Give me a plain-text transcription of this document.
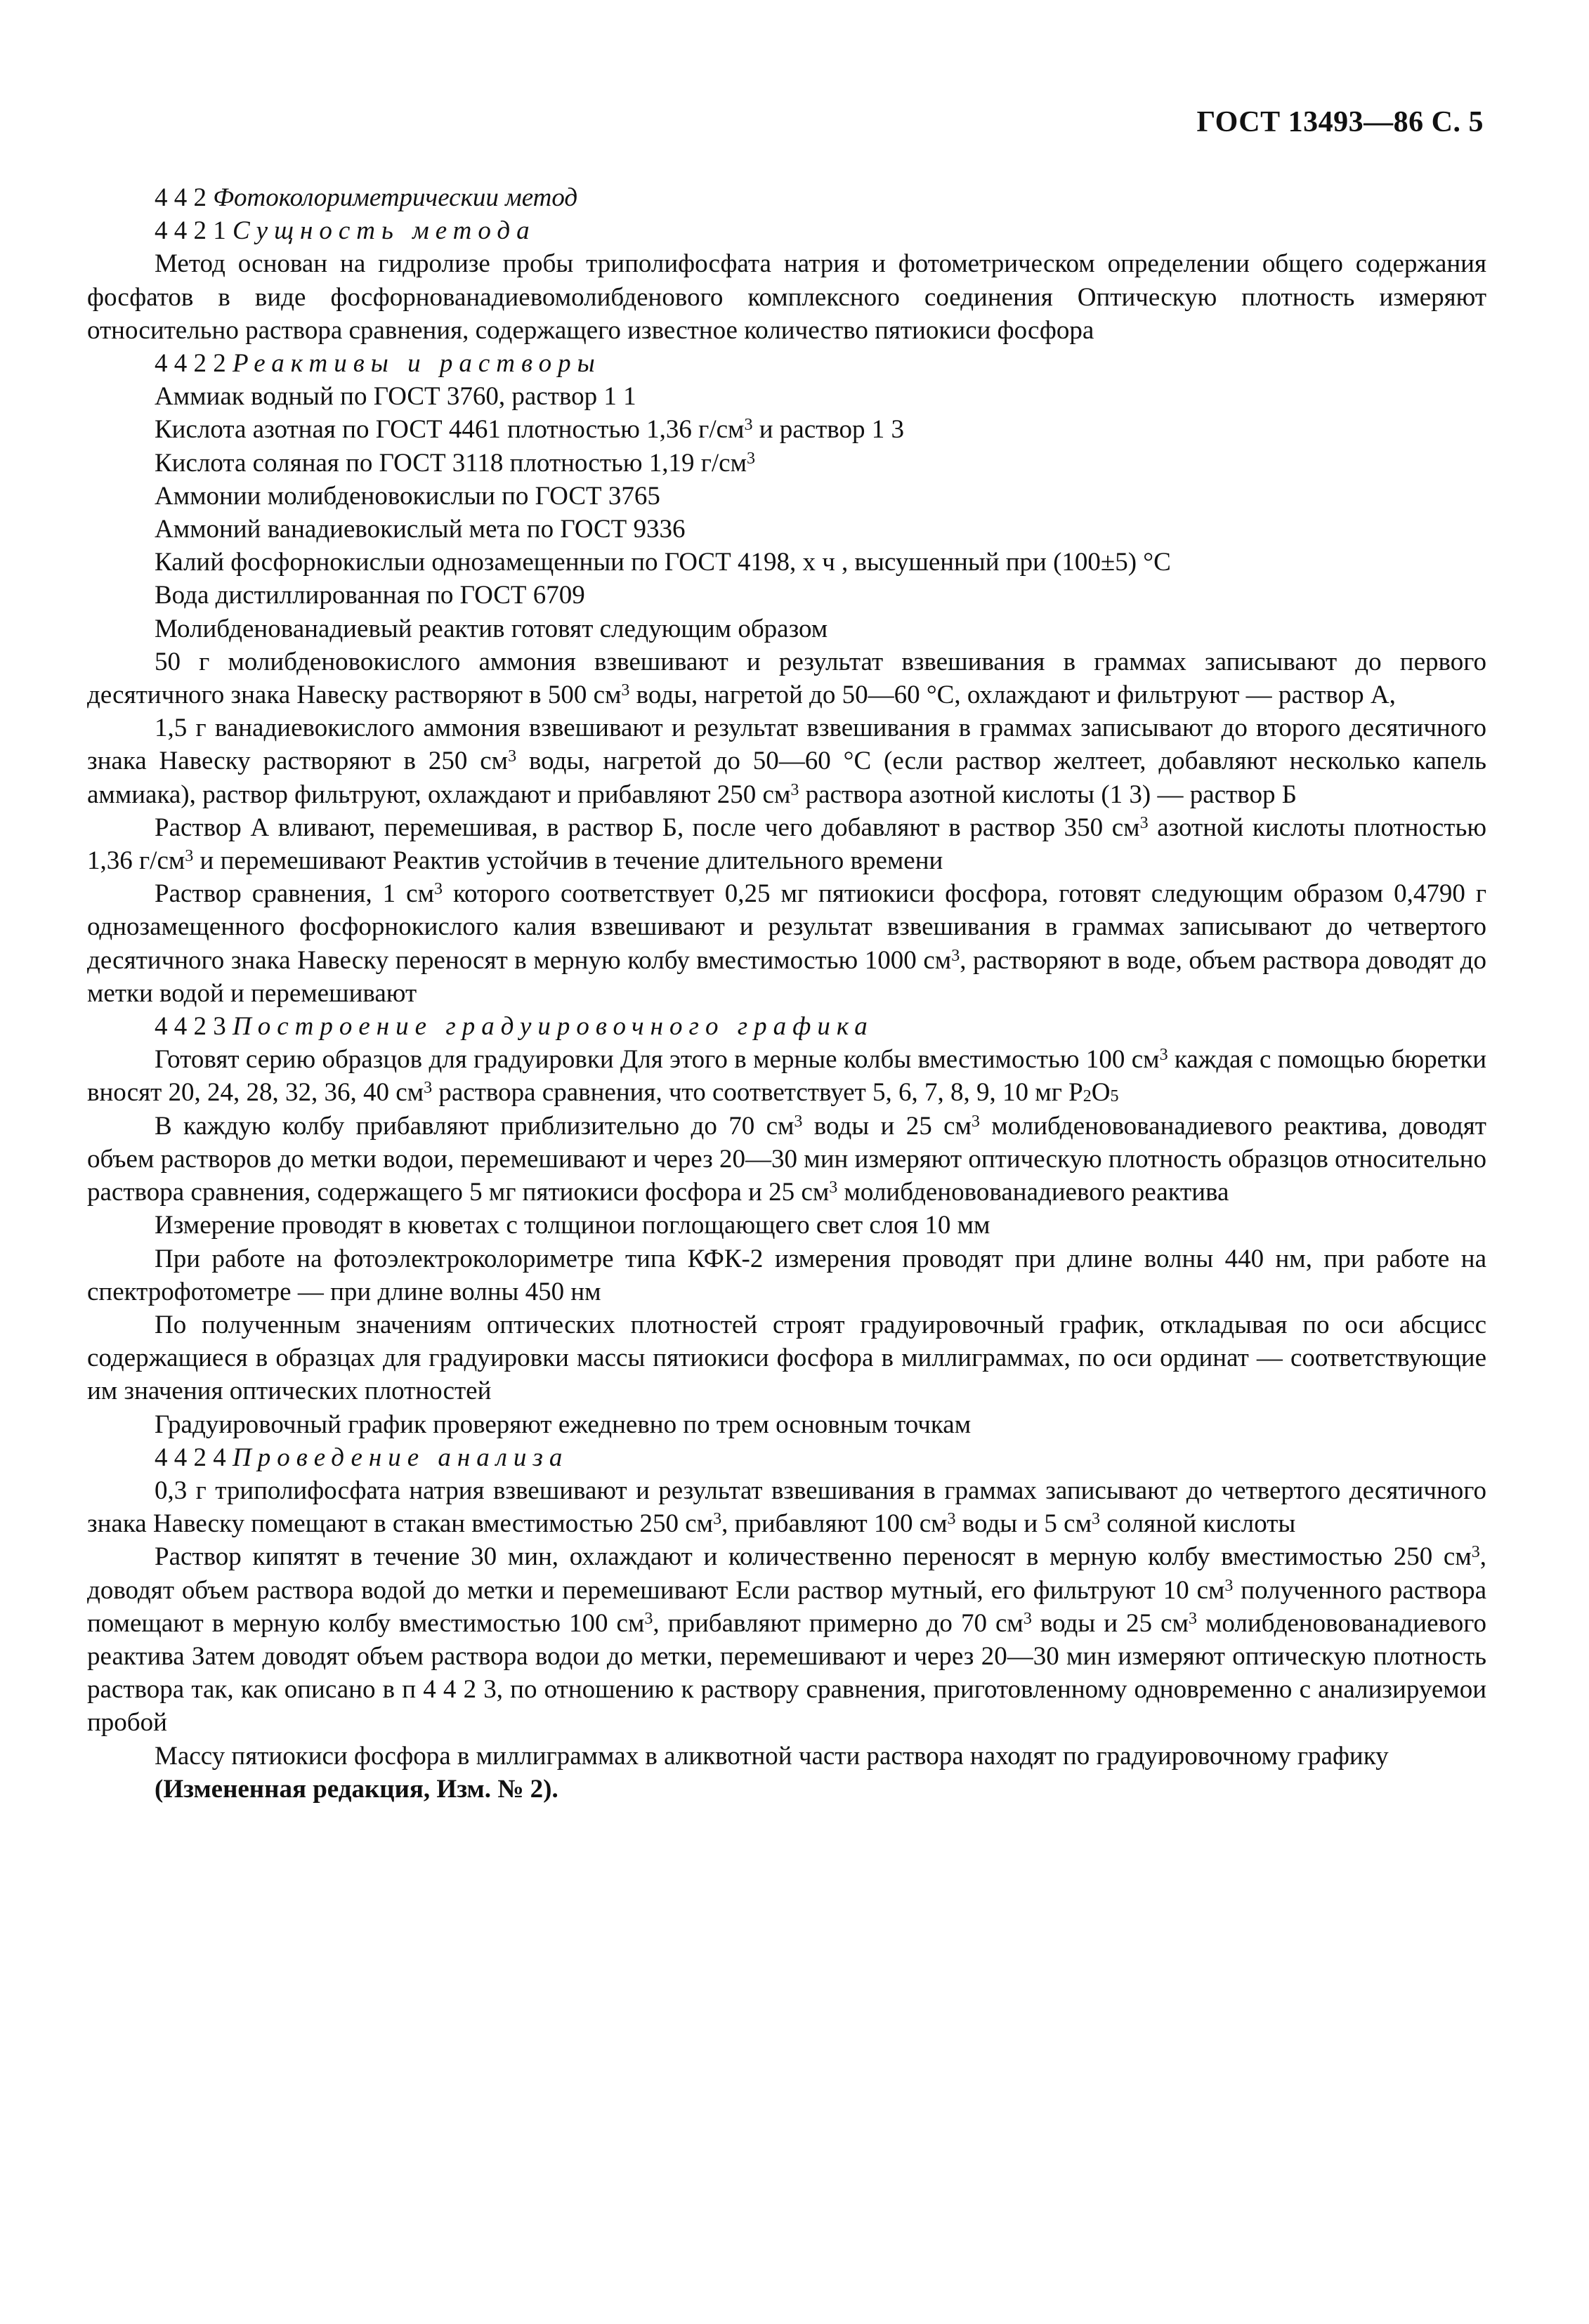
ГОСТ 13493—86 С. 5

4 4 2 Фотоколориметрическии метод

4 4 2 1 Сущность метода

Метод основан на гидролизе пробы триполифосфата натрия и фотометрическом определении общего содержания фосфатов в виде фосфорнованадиевомолибденового комплексного соединения Оптическую плотность измеряют относительно раствора сравнения, содержащего известное количество пятиокиси фосфора

4 4 2 2 Реактивы и растворы

Аммиак водный по ГОСТ 3760, раствор 1 1

Кислота азотная по ГОСТ 4461 плотностью 1,36 $г/см^3$ и раствор 1 3

Кислота соляная по ГОСТ 3118 плотностью 1,19 $г/см^3$

Аммонии молибденовокислыи по ГОСТ 3765

Аммоний ванадиевокислый мета по ГОСТ 9336

Калий фосфорнокислыи однозамещенныи по ГОСТ 4198, х ч , высушенный при (100±5) °С

Вода дистиллированная по ГОСТ 6709

Молибденованадиевый реактив готовят следующим образом

50 г молибденовокислого аммония взвешивают и результат взвешивания в граммах записывают до первого десятичного знака Навеску растворяют в 500 $см^3$ воды, нагретой до 50—60 °С, охлаждают и фильтруют — раствор А,

1,5 г ванадиевокислого аммония взвешивают и результат взвешивания в граммах записывают до второго десятичного знака Навеску растворяют в 250 $см^3$ воды, нагретой до 50—60 °С (если раствор желтеет, добавляют несколько капель аммиака), раствор фильтруют, охлаждают и прибавляют 250 $см^3$ раствора азотной кислоты (1 3) — раствор Б

Раствор А вливают, перемешивая, в раствор Б, после чего добавляют в раствор 350 $см^3$ азотной кислоты плотностью 1,36 $г/см^3$ и перемешивают Реактив устойчив в течение длительного времени

Раствор сравнения, 1 $см^3$ которого соответствует 0,25 мг пятиокиси фосфора, готовят следующим образом 0,4790 г однозамещенного фосфорнокислого калия взвешивают и результат взвешивания в граммах записывают до четвертого десятичного знака Навеску переносят в мерную колбу вместимостью 1000 $см^3$, растворяют в воде, объем раствора доводят до метки водой и перемешивают

4 4 2 3 Построение градуировочного графика

Готовят серию образцов для градуировки Для этого в мерные колбы вместимостью 100 $см^3$ каждая с помощью бюретки вносят 20, 24, 28, 32, 36, 40 $см^3$ раствора сравнения, что соответствует 5, 6, 7, 8, 9, 10 мг P2O5

В каждую колбу прибавляют приблизительно до 70 $см^3$ воды и 25 $см^3$ молибденовованадиевого реактива, доводят объем растворов до метки водои, перемешивают и через 20—30 мин измеряют оптическую плотность образцов относительно раствора сравнения, содержащего 5 мг пятиокиси фосфора и 25 $см^3$ молибденовованадиевого реактива

Измерение проводят в кюветах с толщинои поглощающего свет слоя 10 мм

При работе на фотоэлектроколориметре типа КФК-2 измерения проводят при длине волны 440 нм, при работе на спектрофотометре — при длине волны 450 нм

По полученным значениям оптических плотностей строят градуировочный график, откладывая по оси абсцисс содержащиеся в образцах для градуировки массы пятиокиси фосфора в миллиграммах, по оси ординат — соответствующие им значения оптических плотностей

Градуировочный график проверяют ежедневно по трем основным точкам

4 4 2 4 Проведение анализа

0,3 г триполифосфата натрия взвешивают и результат взвешивания в граммах записывают до четвертого десятичного знака Навеску помещают в стакан вместимостью 250 $см^3$, прибавляют 100 $см^3$ воды и 5 $см^3$ соляной кислоты

Раствор кипятят в течение 30 мин, охлаждают и количественно переносят в мерную колбу вместимостью 250 $см^3$, доводят объем раствора водой до метки и перемешивают Если раствор мутный, его фильтруют 10 $см^3$ полученного раствора помещают в мерную колбу вместимостью 100 $см^3$, прибавляют примерно до 70 $см^3$ воды и 25 $см^3$ молибденовованадиевого реактива Затем доводят объем раствора водои до метки, перемешивают и через 20—30 мин измеряют оптическую плотность раствора так, как описано в п 4 4 2 3, по отношению к раствору сравнения, приготовленному одновременно с анализируемои пробой

Массу пятиокиси фосфора в миллиграммах в аликвотной части раствора находят по градуировочному графику

(Измененная редакция, Изм. № 2).
